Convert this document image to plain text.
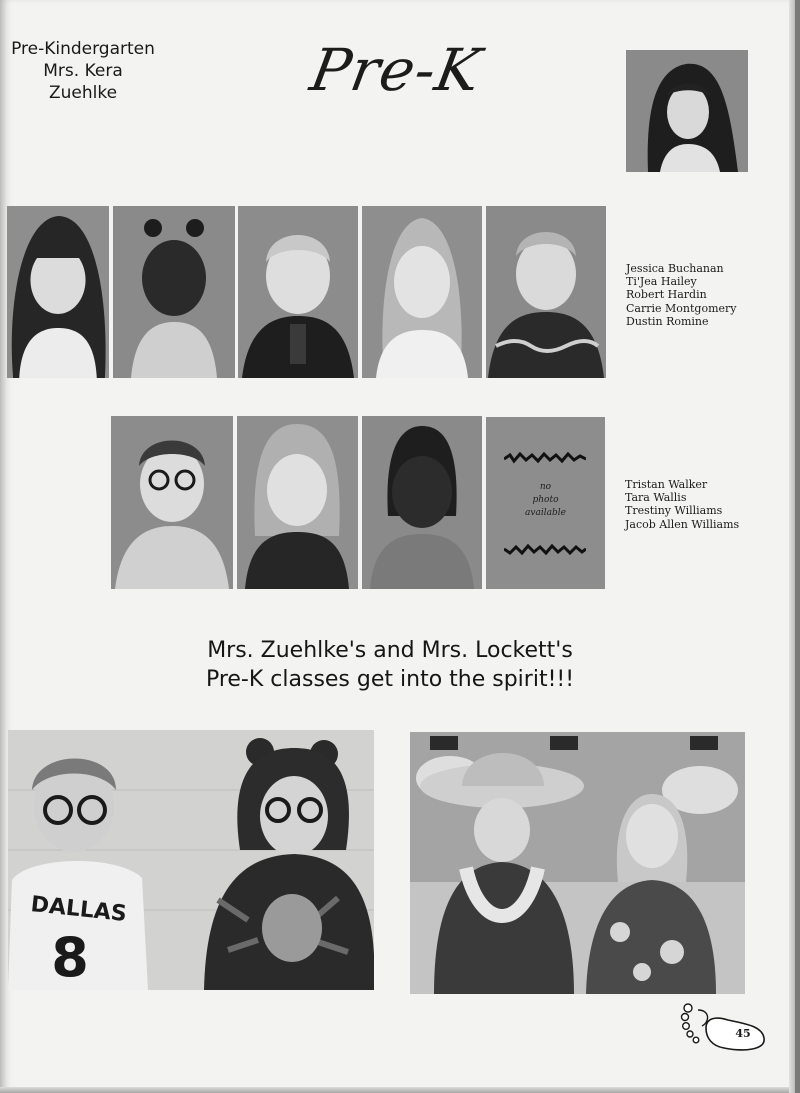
Pre-Kindergarten
Mrs. Kera
Zuehlke	Pre-K
Jessica Buchanan
Ti'Jea Hailey
Robert Hardin
Carrie Montgomery
Dustin Romine
no
photo
available
Tristan Walker
Tara Wallis
Trestiny Williams
Jacob Allen Williams
Mrs. Zuehlke's and Mrs. Lockett's
Pre-K classes get into the spirit!!!
DALLAS
8
45
